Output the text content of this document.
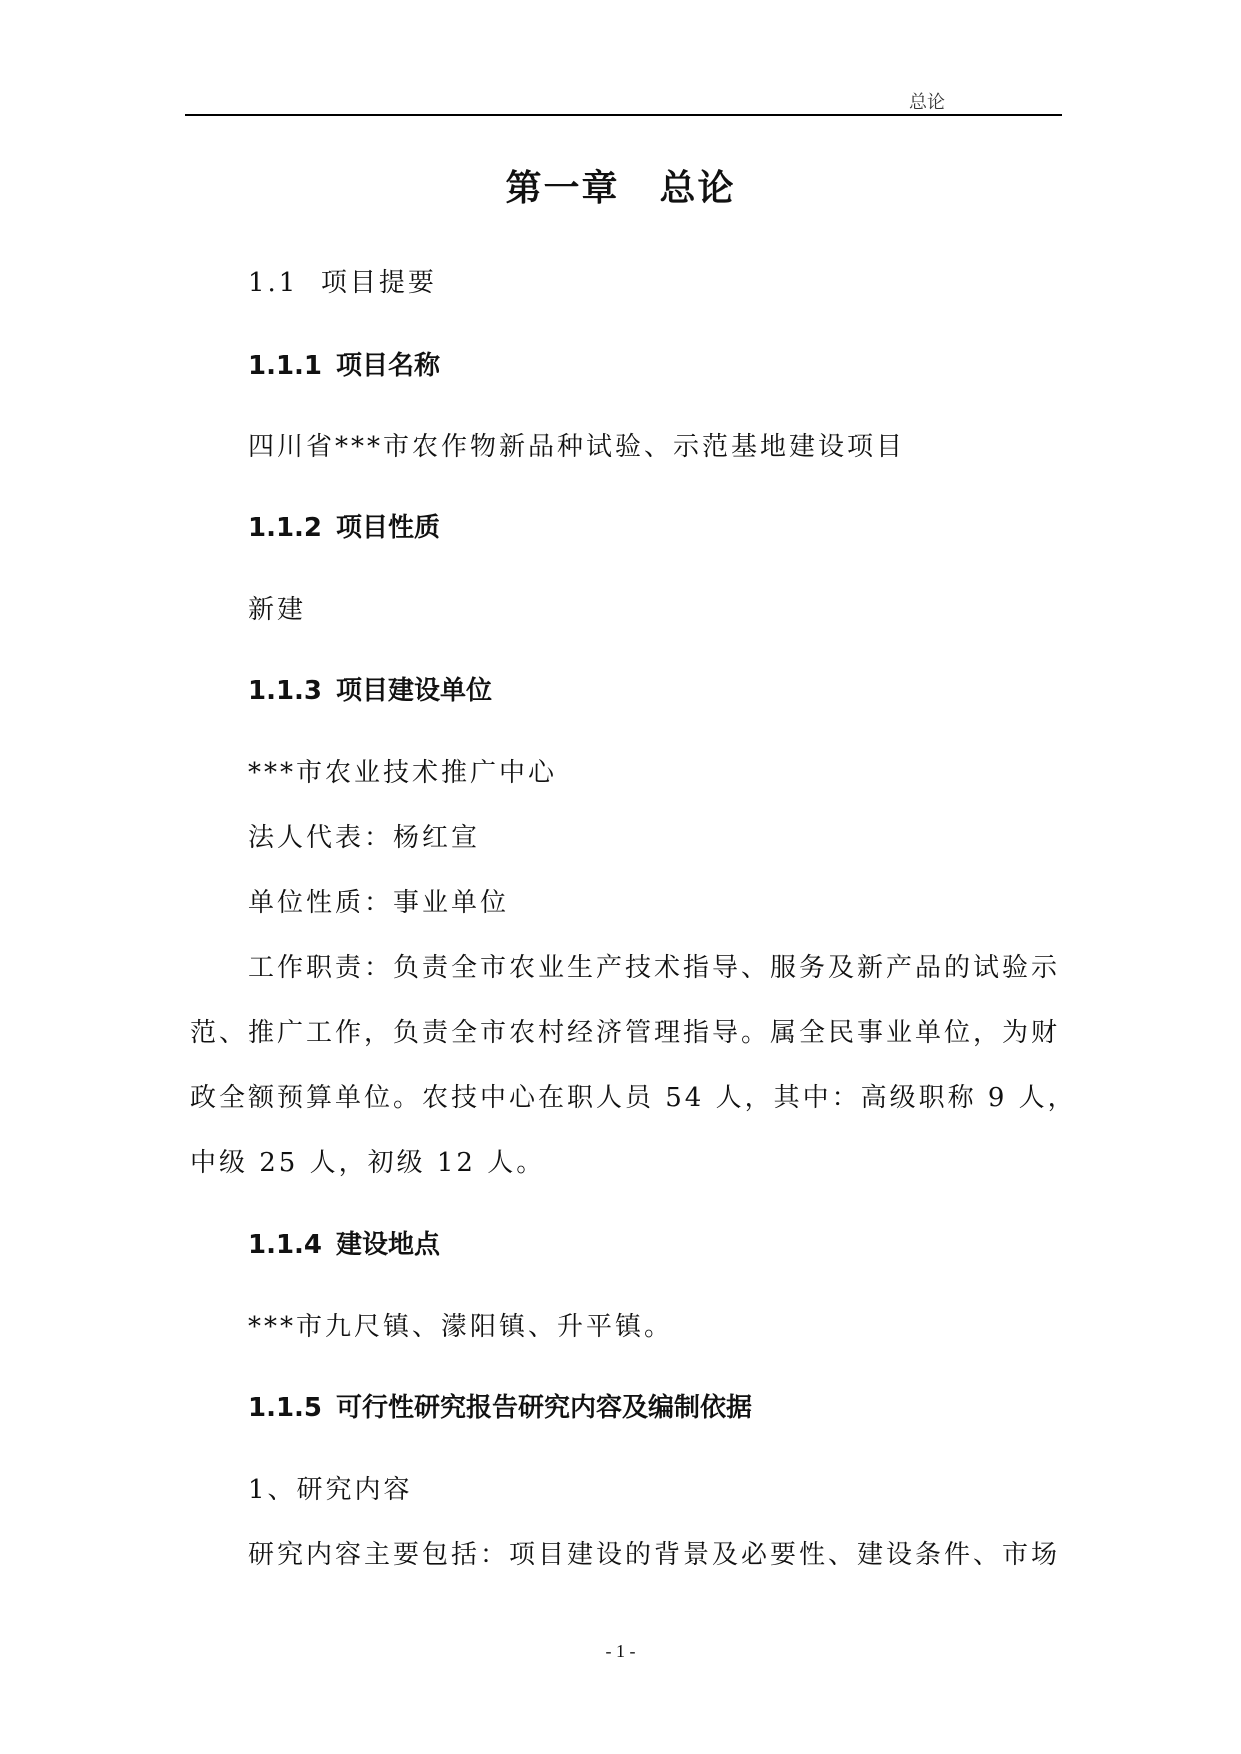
总论
第一章 总论
1.1  项目提要
1.1.1 项目名称
四川省***市农作物新品种试验、示范基地建设项目
1.1.2 项目性质
新建
1.1.3 项目建设单位
***市农业技术推广中心
法人代表：杨红宣
单位性质：事业单位
工作职责：负责全市农业生产技术指导、服务及新产品的试验示
范、推广工作，负责全市农村经济管理指导。属全民事业单位，为财
政全额预算单位。农技中心在职人员 54 人，其中：高级职称 9 人，
中级 25 人，初级 12 人。
1.1.4 建设地点
***市九尺镇、濛阳镇、升平镇。
1.1.5 可行性研究报告研究内容及编制依据
1、研究内容
研究内容主要包括：项目建设的背景及必要性、建设条件、市场
- 1 -
